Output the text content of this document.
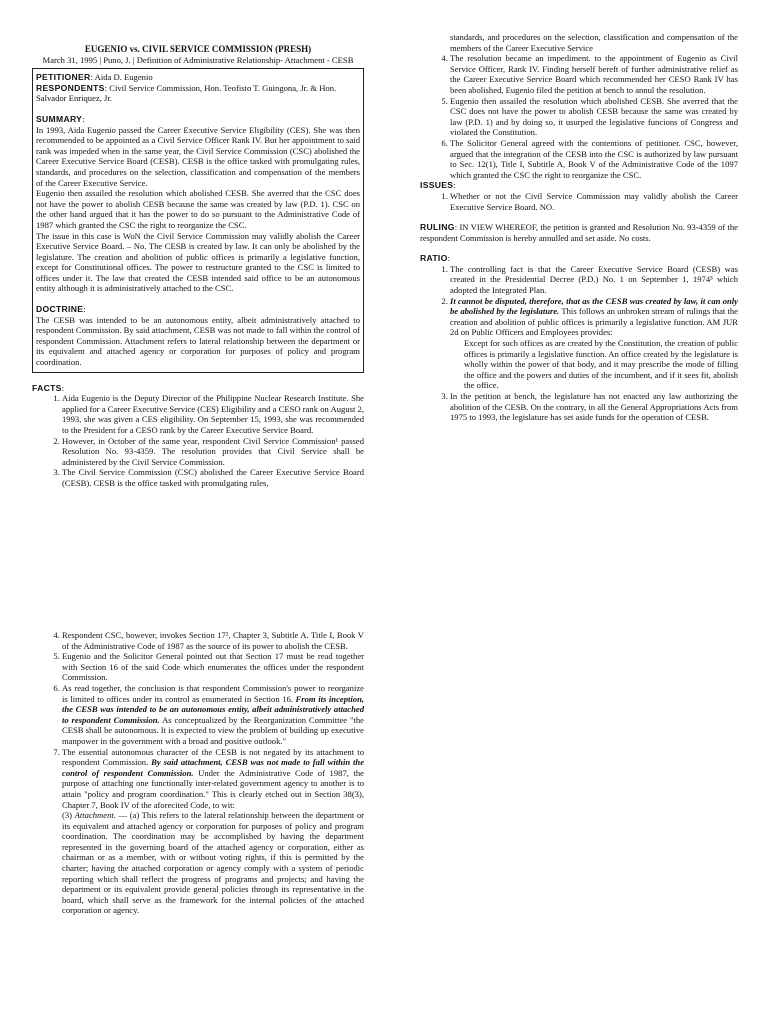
EUGENIO vs. CIVIL SERVICE COMMISSION (PRESH)
March 31, 1995 | Puno, J. | Definition of Administrative Relationship- Attachment - CESB

PETITIONER: Aida D. Eugenio

RESPONDENTS: Civil Service Commission, Hon. Teofisto T. Guingona, Jr. & Hon. Salvador Enriquez, Jr.

SUMMARY:

In 1993, Aida Eugenio passed the Career Executive Service Eligibility (CES). She was then recommended to be appointed as a Civil Service Officer Rank IV. But her appointment to said rank was impeded when in the same year, the Civil Service Commission (CSC) abolished the Career Executive Service Board (CESB). CESB is the office tasked with promulgating rules, standards, and procedures on the selection, classification and compensation of the members of the Career Executive Service.

Eugenio then assailed the resolution which abolished CESB. She averred that the CSC does not have the power to abolish CESB because the same was created by law (P.D. 1). CSC on the other hand argued that it has the power to do so pursuant to the Administrative Code of 1987 which granted the CSC the right to reorganize the CSC.

The issue in this case is WoN the Civil Service Commission may validly abolish the Career Executive Service Board. – No. The CESB is created by law. It can only be abolished by the legislature. The creation and abolition of public offices is primarily a legislative function, except for Constitutional offices. The power to restructure granted to the CSC is limited to offices under it. The law that created the CESB intended said office to be an autonomous entity although it is administratively attached to the CSC.

DOCTRINE:

The CESB was intended to be an autonomous entity, albeit administratively attached to respondent Commission. By said attachment, CESB was not made to fall within the control of respondent Commission. Attachment refers to lateral relationship between the department or its equivalent and attached agency or corporation for purposes of policy and program coordination.

FACTS:

1. Aida Eugenio is the Deputy Director of the Philippine Nuclear Research Institute. She applied for a Career Executive Service (CES) Eligibility and a CESO rank on August 2, 1993, she was given a CES eligibility. On September 15, 1993, she was recommended to the President for a CESO rank by the Career Executive Service Board.
2. However, in October of the same year, respondent Civil Service Commission¹ passed Resolution No. 93-4359. The resolution provides that Civil Service shall be administered by the Civil Service Commission.
3. The Civil Service Commission (CSC) abolished the Career Executive Service Board (CESB). CESB is the office tasked with promulgating rules,

standards, and procedures on the selection, classification and compensation of the members of the Career Executive Service

4. The resolution became an impediment. to the appointment of Eugenio as Civil Service Officer, Rank IV. Finding herself bereft of further administrative relief as the Career Executive Service Board which recommended her CESO Rank IV has been abolished, Eugenio filed the petition at bench to annul the resolution.
5. Eugenio then assailed the resolution which abolished CESB. She averred that the CSC does not have the power to abolish CESB because the same was created by law (P.D. 1) and by doing so, it usurped the legislative funcions of Congress and violated the Constitution.
6. The Solicitor General agreed with the contentions of petitioner. CSC, however, argued that the integration of the CESB into the CSC is authorized by law pursuant to Sec. 12(1), Title I, Subtitle A, Book V of the Administrative Code of the 1097 which granted the CSC the right to reorganize the CSC.

ISSUES:

1. Whether or not the Civil Service Commission may validly abolish the Career Executive Service Board. NO.

RULING: IN VIEW WHEREOF, the petition is granted and Resolution No. 93-4359 of the respondent Commission is hereby annulled and set aside. No costs.

RATIO:

1. The controlling fact is that the Career Executive Service Board (CESB) was created in the Presidential Decree (P.D.) No. 1 on September 1, 1974³ which adopted the Integrated Plan.
2. It cannot be disputed, therefore, that as the CESB was created by law, it can only be abolished by the legislature. This follows an unbroken stream of rulings that the creation and abolition of public offices is primarily a legislative function. AM JUR 2d on Public Officers and Employees provides:

Except for such offices as are created by the Constitution, the creation of public offices is primarily a legislative function. An office created by the legislature is wholly within the power of that body, and it may prescribe the mode of filling the office and the powers and duties of the incumbent, and if it sees fit, abolish the office.

3. In the petition at bench, the legislature has not enacted any law authorizing the abolition of the CESB. On the contrary, in all the General Appropriations Acts from 1975 to 1993, the legislature has set aside funds for the operation of CESB.
4. Respondent CSC, however, invokes Section 17², Chapter 3, Subtitle A. Title I, Book V of the Administrative Code of 1987 as the source of its power to abolish the CESB.
5. Eugenio and the Solicitor General pointed out that Section 17 must be read together with Section 16 of the said Code which enumerates the offices under the respondent Commission.
6. As read together, the conclusion is that respondent Commission's power to reorganize is limited to offices under its control as enumerated in Section 16. From its inception, the CESB was intended to be an autonomous entity, albeit administratively attached to respondent Commission. As conceptualized by the Reorganization Committee "the CESB shall be autonomous. It is expected to view the problem of building up executive manpower in the government with a broad and positive outlook."
7. The essential autonomous character of the CESB is not negated by its attachment to respondent Commission. By said attachment, CESB was not made to fall within the control of respondent Commission. Under the Administrative Code of 1987, the purpose of attaching one functionally inter-related government agency to another is to attain "policy and program coordination." This is clearly etched out in Section 38(3), Chapter 7, Book IV of the aforecited Code, to wit:

(3) Attachment. — (a) This refers to the lateral relationship between the department or its equivalent and attached agency or corporation for purposes of policy and program coordination. The coordination may be accomplished by having the department represented in the governing board of the attached agency or corporation, either as chairman or as a member, with or without voting rights, if this is permitted by the charter; having the attached corporation or agency comply with a system of periodic reporting which shall reflect the progress of programs and projects; and having the department or its equivalent provide general policies through its representative in the board, which shall serve as the framework for the internal policies of the attached corporation or agency.
